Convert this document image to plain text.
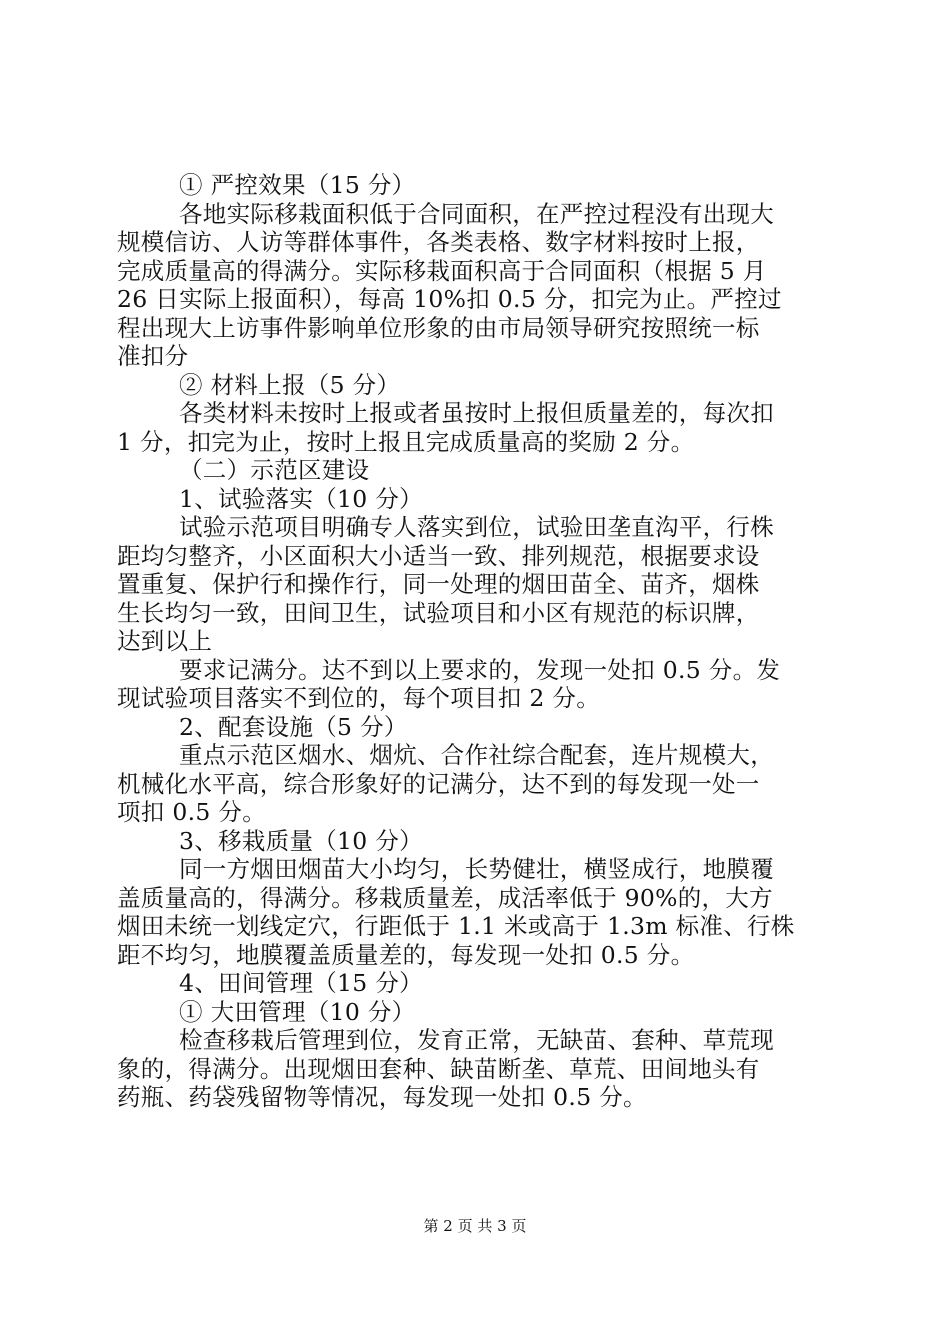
① 严控效果（15 分）
各地实际移栽面积低于合同面积，在严控过程没有出现大
规模信访、人访等群体事件，各类表格、数字材料按时上报，
完成质量高的得满分。实际移栽面积高于合同面积（根据 5 月
26 日实际上报面积），每高 10%扣 0.5 分，扣完为止。严控过
程出现大上访事件影响单位形象的由市局领导研究按照统一标
准扣分
② 材料上报（5 分）
各类材料未按时上报或者虽按时上报但质量差的，每次扣
1 分，扣完为止，按时上报且完成质量高的奖励 2 分。
（二）示范区建设
1、试验落实（10 分）
试验示范项目明确专人落实到位，试验田垄直沟平，行株
距均匀整齐，小区面积大小适当一致、排列规范，根据要求设
置重复、保护行和操作行，同一处理的烟田苗全、苗齐，烟株
生长均匀一致，田间卫生，试验项目和小区有规范的标识牌，
达到以上
要求记满分。达不到以上要求的，发现一处扣 0.5 分。发
现试验项目落实不到位的，每个项目扣 2 分。
2、配套设施（5 分）
重点示范区烟水、烟炕、合作社综合配套，连片规模大，
机械化水平高，综合形象好的记满分，达不到的每发现一处一
项扣 0.5 分。
3、移栽质量（10 分）
同一方烟田烟苗大小均匀，长势健壮，横竖成行，地膜覆
盖质量高的，得满分。移栽质量差，成活率低于 90%的，大方
烟田未统一划线定穴，行距低于 1.1 米或高于 1.3m 标准、行株
距不均匀，地膜覆盖质量差的，每发现一处扣 0.5 分。
4、田间管理（15 分）
① 大田管理（10 分）
检查移栽后管理到位，发育正常，无缺苗、套种、草荒现
象的，得满分。出现烟田套种、缺苗断垄、草荒、田间地头有
药瓶、药袋残留物等情况，每发现一处扣 0.5 分。
第 2 页 共 3 页
